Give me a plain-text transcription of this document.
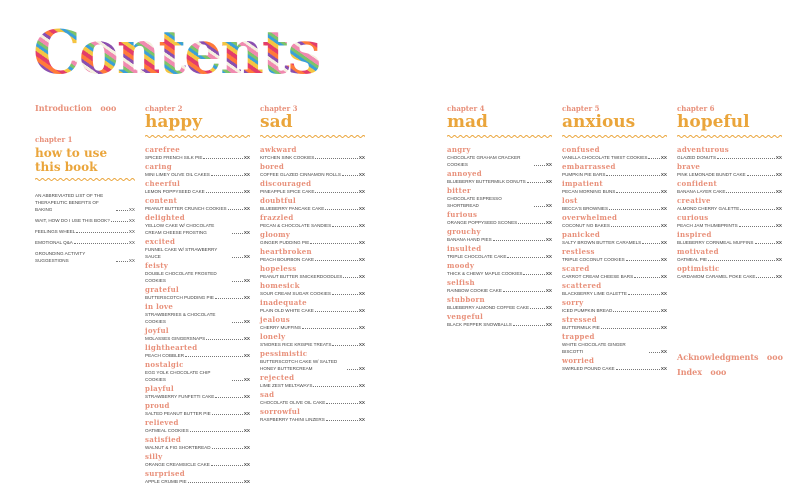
Contents
Introduction   ooo
chapter 1
how to use this book
AN ABBREVIATED LIST OF THE THERAPEUTIC BENEFITS OF BAKING	XX
WAIT, HOW DO I USE THIS BOOK?	XX
FEELINGS WHEEL	XX
EMOTIONAL Q&A	XX
GROUNDING ACTIVITY SUGGESTIONS	XX
chapter 2
happy
carefree
SPICED FRENCH SILK PIE	XX
caring
MINI LIMEY OLIVE OIL CAKES	XX
cheerful
LEMON POPPYSEED CAKE	XX
content
PEANUT BUTTER CRUNCH COOKIES	XX
delighted
YELLOW CAKE W/ CHOCOLATE CREAM CHEESE FROSTING	XX
excited
FUNNEL CAKE W/ STRAWBERRY SAUCE	XX
feisty
DOUBLE CHOCOLATE FROSTED COOKIES	XX
grateful
BUTTERSCOTCH PUDDING PIE	XX
in love
STRAWBERRIES & CHOCOLATE COOKIES	XX
joyful
MOLASSES GINGERSNAPS	XX
lighthearted
PEACH COBBLER	XX
nostalgic
EGG YOLK CHOCOLATE CHIP COOKIES	XX
playful
STRAWBERRY FUNFETTI CAKE	XX
proud
SALTED PEANUT BUTTER PIE	XX
relieved
OATMEAL COOKIES	XX
satisfied
WALNUT & FIG SHORTBREAD	XX
silly
ORANGE CREAMSICLE CAKE	XX
surprised
APPLE CRUMB PIE	XX
chapter 3
sad
awkward
KITCHEN SINK COOKIES	XX
bored
COFFEE GLAZED CINNAMON ROLLS	XX
discouraged
PINEAPPLE SPICE CAKE	XX
doubtful
BLUEBERRY PANCAKE CAKE	XX
frazzled
PECAN & CHOCOLATE SANDIES	XX
gloomy
GINGER PUDDING PIE	XX
heartbroken
PEACH BOURBON CAKE	XX
hopeless
PEANUT BUTTER SNICKERDOODLES	XX
homesick
SOUR CREAM SUGAR COOKIES	XX
inadequate
PLAIN OLD WHITE CAKE	XX
jealous
CHERRY MUFFINS	XX
lonely
S'MORES RICE KRISPIE TREATS	XX
pessimistic
BUTTERSCOTCH CAKE W/ SALTED HONEY BUTTERCREAM	XX
rejected
LIME ZEST MELTAWAYS	XX
sad
CHOCOLATE OLIVE OIL CAKE	XX
sorrowful
RASPBERRY TAHINI LINZERS	XX
chapter 4
mad
angry
CHOCOLATE GRAHAM CRACKER COOKIES	XX
annoyed
BLUEBERRY BUTTERMILK DONUTS	XX
bitter
CHOCOLATE ESPRESSO SHORTBREAD	XX
furious
ORANGE POPPYSEED SCONES	XX
grouchy
BANANA HAND PIES	XX
insulted
TRIPLE CHOCOLATE CAKE	XX
moody
THICK & CHEWY MAPLE COOKIES	XX
selfish
RAINBOW COOKIE CAKE	XX
stubborn
BLUEBERRY ALMOND COFFEE CAKE	XX
vengeful
BLACK PEPPER SNOWBALLS	XX
chapter 5
anxious
confused
VANILLA CHOCOLATE TWIST COOKIES	XX
embarrassed
PUMPKIN PIE BARS	XX
impatient
PECAN MORNING BUNS	XX
lost
BECCA'S BROWNIES	XX
overwhelmed
COCONUT NO BAKES	XX
panicked
SALTY BROWN BUTTER CARAMELS	XX
restless
TRIPLE COCONUT COOKIES	XX
scared
CARROT CREAM CHEESE BARS	XX
scattered
BLACKBERRY LIME GALETTE	XX
sorry
ICED PUMPKIN BREAD	XX
stressed
BUTTERMILK PIE	XX
trapped
WHITE CHOCOLATE GINGER BISCOTTI	XX
worried
SWIRLED POUND CAKE	XX
chapter 6
hopeful
adventurous
GLAZED DONUTS	XX
brave
PINK LEMONADE BUNDT CAKE	XX
confident
BANANA LAYER CAKE	XX
creative
ALMOND CHERRY GALETTE	XX
curious
PEACH JAM THUMBPRINTS	XX
inspired
BLUEBERRY CORNMEAL MUFFINS	XX
motivated
OATMEAL PIE	XX
optimistic
CARDAMOM CARAMEL POKE CAKE	XX
Acknowledgments   ooo
Index   ooo
